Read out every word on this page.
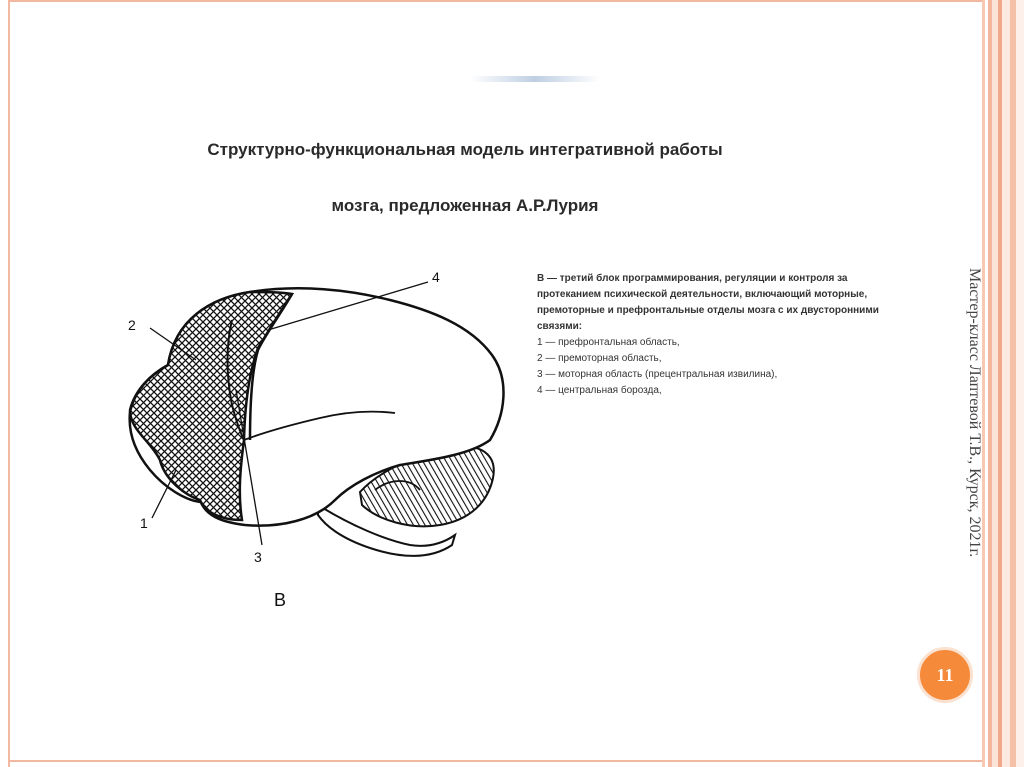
Структурно-функциональная модель интегративной работы
мозга, предложенная А.Р.Лурия
1
2
3
4
В
В — третий блок программирования, регуляции и контроля за протеканием психической деятельности, включающий моторные, премоторные и префронтальные отделы мозга с их двусторонними связями:
1 — префронтальная область,
2 — премоторная область,
3 — моторная область (прецентральная извилина),
4 — центральная борозда,	Мастер-класс Лаптевой Т.В., Курск, 2021г.
11
